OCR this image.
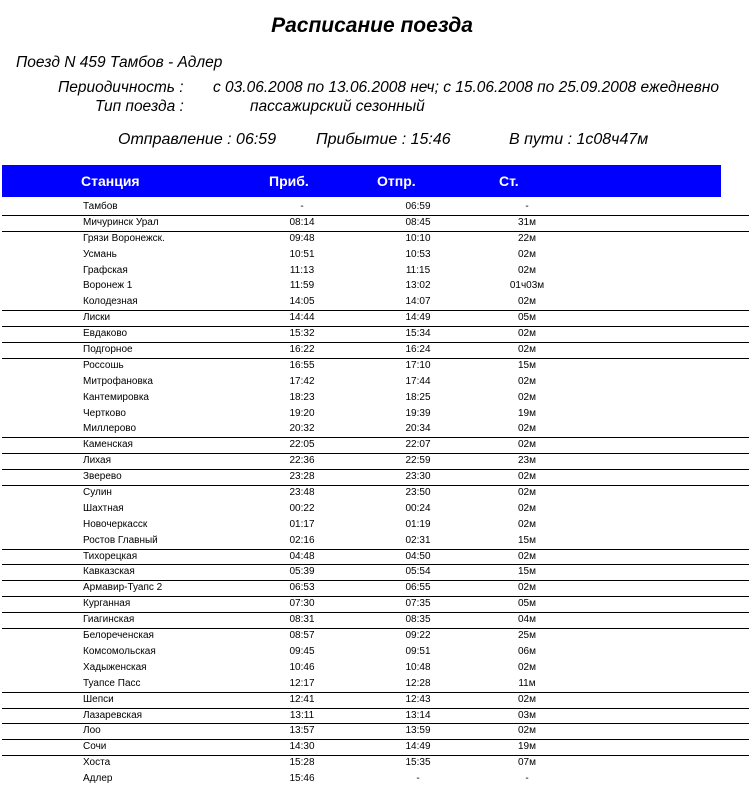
Расписание поезда
Поезд N 459 Тамбов - Адлер
Периодичность : с 03.06.2008 по 13.06.2008 неч; с 15.06.2008 по 25.09.2008 ежедневно
Тип поезда :	пассажирский сезонный
Отправление : 06:59 Прибытие : 15:46	В пути : 1с08ч47м
Станция	Приб.	Отпр.	Ст.
Тамбов	-	06:59	-
Мичуринск Урал	08:14	08:45	31м
Грязи Воронежск.	09:48	10:10	22м
Усмань	10:51	10:53	02м
Графская	11:13	11:15	02м
Воронеж 1	11:59	13:02	01ч03м
Колодезная	14:05	14:07	02м
Лиски	14:44	14:49	05м
Евдаково	15:32	15:34	02м
Подгорное	16:22	16:24	02м
Россошь	16:55	17:10	15м
Митрофановка	17:42	17:44	02м
Кантемировка	18:23	18:25	02м
Чертково	19:20	19:39	19м
Миллерово	20:32	20:34	02м
Каменская	22:05	22:07	02м
Лихая	22:36	22:59	23м
Зверево	23:28	23:30	02м
Сулин	23:48	23:50	02м
Шахтная	00:22	00:24	02м
Новочеркасск	01:17	01:19	02м
Ростов Главный	02:16	02:31	15м
Тихорецкая	04:48	04:50	02м
Кавказская	05:39	05:54	15м
Армавир-Туапс 2	06:53	06:55	02м
Курганная	07:30	07:35	05м
Гиагинская	08:31	08:35	04м
Белореченская	08:57	09:22	25м
Комсомольская	09:45	09:51	06м
Хадыженская	10:46	10:48	02м
Туапсе Пасс	12:17	12:28	11м
Шепси	12:41	12:43	02м
Лазаревская	13:11	13:14	03м
Лоо	13:57	13:59	02м
Сочи	14:30	14:49	19м
Хоста	15:28	15:35	07м
Адлер	15:46	-	-
